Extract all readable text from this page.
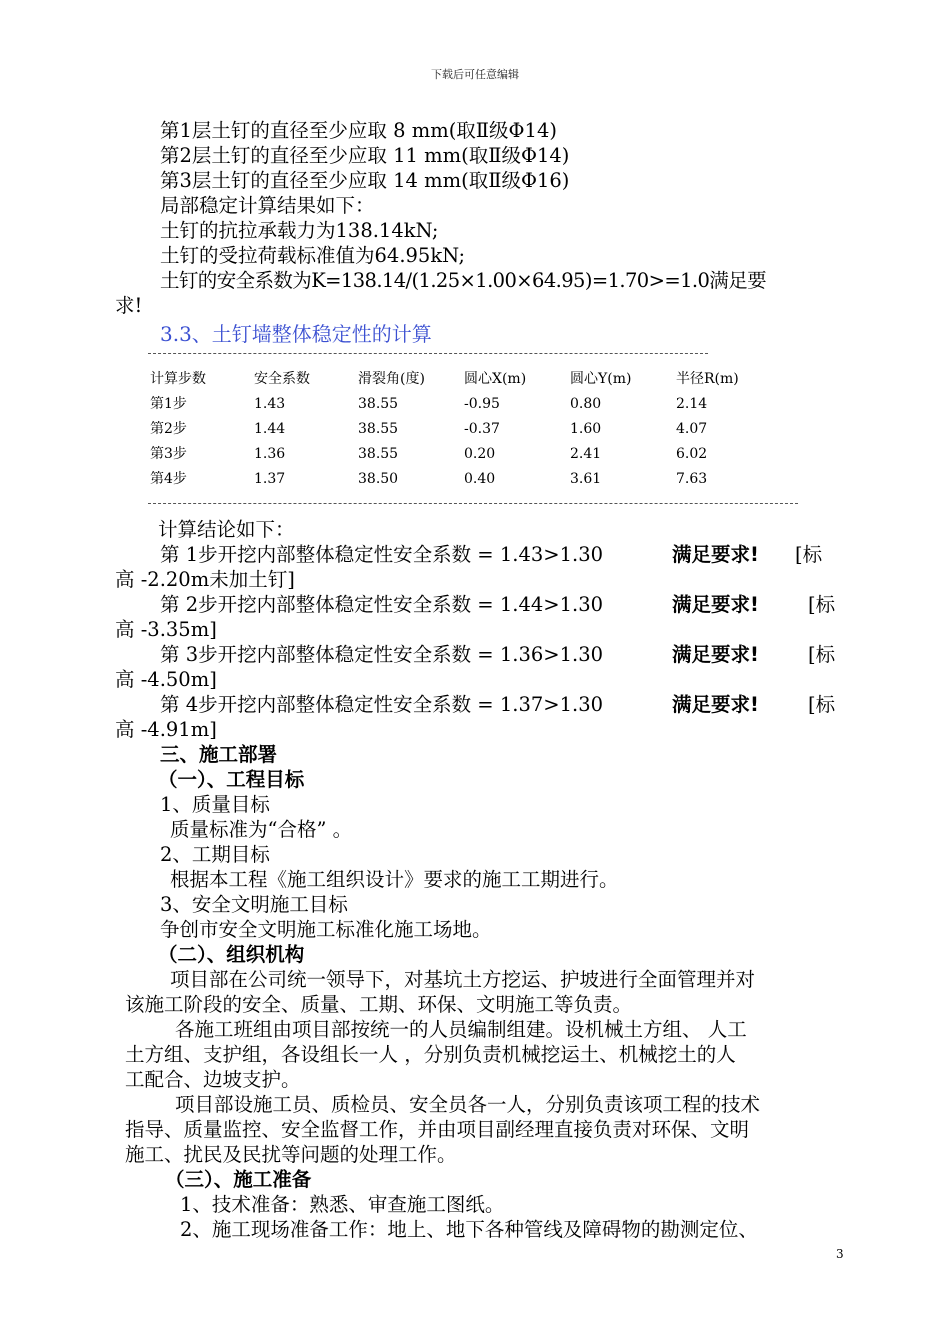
下载后可任意编辑
第1层土钉的直径至少应取 8 mm(取Ⅱ级Φ14)
第2层土钉的直径至少应取 11 mm(取Ⅱ级Φ14)
第3层土钉的直径至少应取 14 mm(取Ⅱ级Φ16)
局部稳定计算结果如下：
土钉的抗拉承载力为138.14kN;
土钉的受拉荷载标准值为64.95kN;
土钉的安全系数为K=138.14/(1.25×1.00×64.95)=1.70>=1.0满足要
求!
3.3、土钉墙整体稳定性的计算
计算步数	安全系数	滑裂角(度)	圆心X(m)	圆心Y(m)	半径R(m)
第1步	1.43	38.55	-0.95	0.80	2.14
第2步	1.44	38.55	-0.37	1.60	4.07
第3步	1.36	38.55	0.20	2.41	6.02
第4步	1.37	38.50	0.40	3.61	7.63
计算结论如下：
第 1步开挖内部整体稳定性安全系数 = 1.43>1.30	满足要求! [标
高 -2.20m未加土钉]
第 2步开挖内部整体稳定性安全系数 = 1.44>1.30	满足要求!	[标
高 -3.35m]
第 3步开挖内部整体稳定性安全系数 = 1.36>1.30	满足要求!	[标
高 -4.50m]
第 4步开挖内部整体稳定性安全系数 = 1.37>1.30	满足要求!	[标
高 -4.91m]
三、施工部署
（一）、工程目标
1、质量目标
质量标准为“合格” 。
2、工期目标
根据本工程《施工组织设计》要求的施工工期进行。
3、安全文明施工目标
争创市安全文明施工标准化施工场地。
（二）、组织机构
项目部在公司统一领导下，对基坑土方挖运、护坡进行全面管理并对
该施工阶段的安全、质量、工期、环保、文明施工等负责。
各施工班组由项目部按统一的人员编制组建。设机械土方组、 人工
土方组、支护组，各设组长一人 ，分别负责机械挖运土、机械挖土的人
工配合、边坡支护。
项目部设施工员、质检员、安全员各一人，分别负责该项工程的技术
指导、质量监控、安全监督工作，并由项目副经理直接负责对环保、文明
施工、扰民及民扰等问题的处理工作。
（三）、施工准备
1、技术准备：熟悉、审查施工图纸。
2、施工现场准备工作：地上、地下各种管线及障碍物的勘测定位、
3
